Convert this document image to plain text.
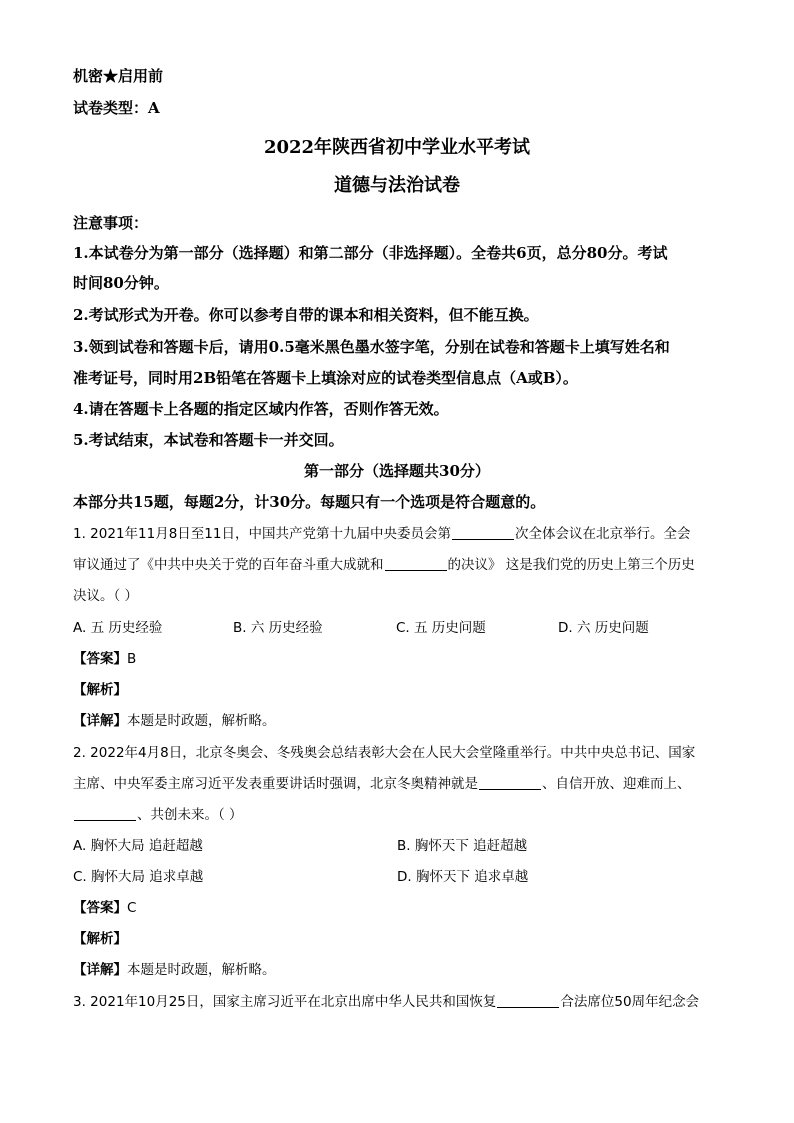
机密★启用前
试卷类型：A
2022年陕西省初中学业水平考试
道德与法治试卷
注意事项：
1.本试卷分为第一部分（选择题）和第二部分（非选择题）。全卷共6页，总分80分。考试
时间80分钟。
2.考试形式为开卷。你可以参考自带的课本和相关资料，但不能互换。
3.领到试卷和答题卡后，请用0.5毫米黑色墨水签字笔，分别在试卷和答题卡上填写姓名和
准考证号，同时用2B铅笔在答题卡上填涂对应的试卷类型信息点（A或B）。
4.请在答题卡上各题的指定区域内作答，否则作答无效。
5.考试结束，本试卷和答题卡一并交回。
第一部分（选择题共30分）
本部分共15题，每题2分，计30分。每题只有一个选项是符合题意的。
1. 2021年11月8日至11日，中国共产党第十九届中央委员会第	次全体会议在北京举行。全会
审议通过了《中共中央关于党的百年奋斗重大成就和	的决议》 这是我们党的历史上第三个历史
决议。（ ）
A. 五 历史经验	B. 六 历史经验	C. 五 历史问题	D. 六 历史问题
【答案】B
【解析】
【详解】本题是时政题，解析略。
2. 2022年4月8日，北京冬奥会、冬残奥会总结表彰大会在人民大会堂隆重举行。中共中央总书记、国家
主席、中央军委主席习近平发表重要讲话时强调，北京冬奥精神就是	、自信开放、迎难而上、
、共创未来。（ ）
A. 胸怀大局 追赶超越	B. 胸怀天下 追赶超越
C. 胸怀大局 追求卓越	D. 胸怀天下 追求卓越
【答案】C
【解析】
【详解】本题是时政题，解析略。
3. 2021年10月25日，国家主席习近平在北京出席中华人民共和国恢复	合法席位50周年纪念会
